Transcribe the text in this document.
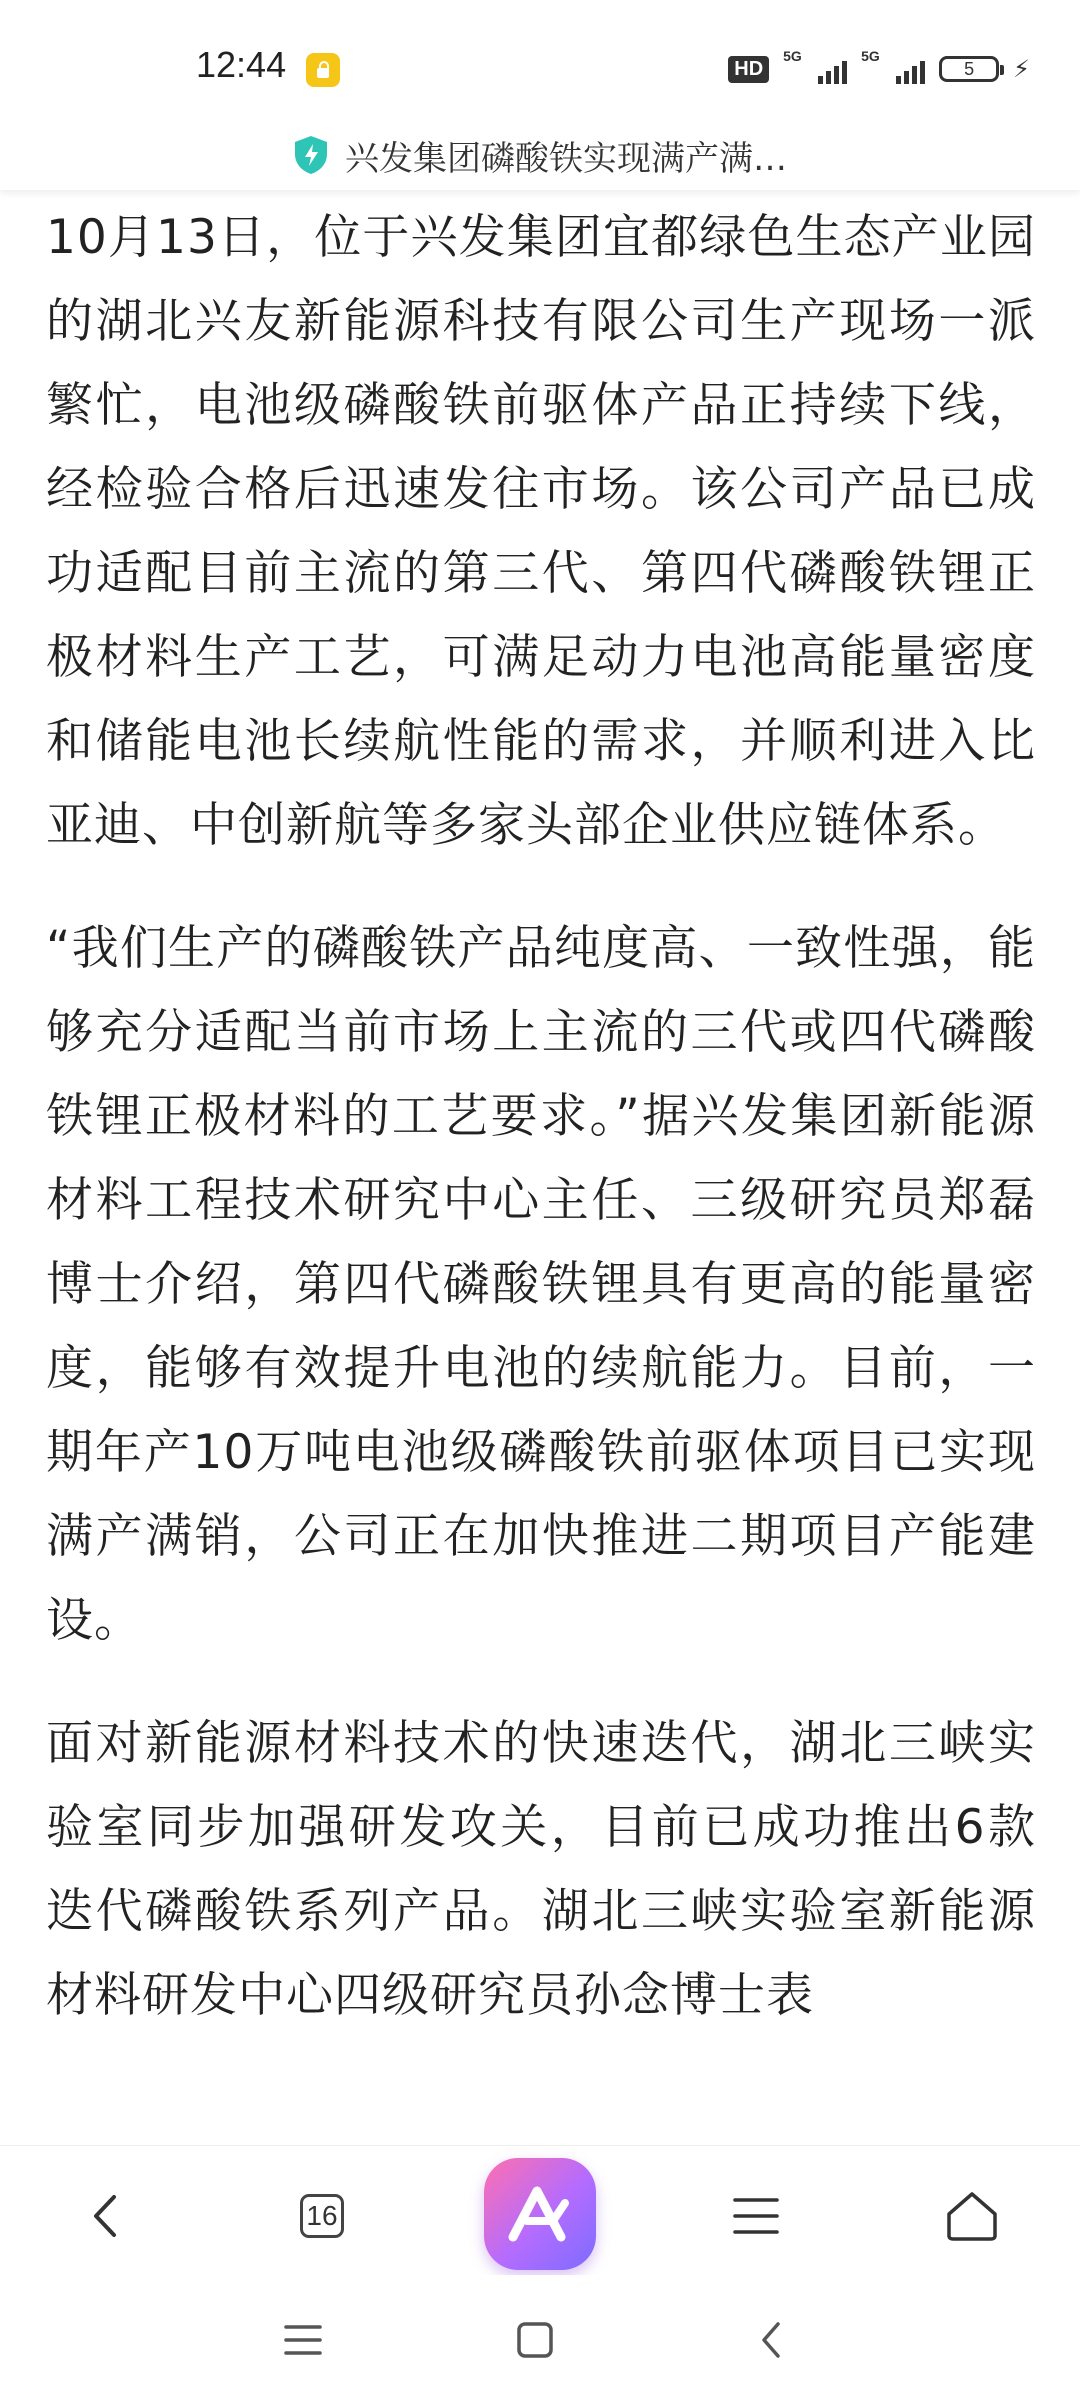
12:44	HD
5G	5G
5	⚡
兴发集团磷酸铁实现满产满…

10月13日，位于兴发集团宜都绿色生态产业园的湖北兴友新能源科技有限公司生产现场一派繁忙，电池级磷酸铁前驱体产品正持续下线，经检验合格后迅速发往市场。该公司产品已成功适配目前主流的第三代、第四代磷酸铁锂正极材料生产工艺，可满足动力电池高能量密度和储能电池长续航性能的需求，并顺利进入比亚迪、中创新航等多家头部企业供应链体系。

“我们生产的磷酸铁产品纯度高、一致性强，能够充分适配当前市场上主流的三代或四代磷酸铁锂正极材料的工艺要求。”据兴发集团新能源材料工程技术研究中心主任、三级研究员郑磊博士介绍，第四代磷酸铁锂具有更高的能量密度，能够有效提升电池的续航能力。目前，一期年产10万吨电池级磷酸铁前驱体项目已实现满产满销，公司正在加快推进二期项目产能建设。

面对新能源材料技术的快速迭代，湖北三峡实验室同步加强研发攻关，目前已成功推出6款迭代磷酸铁系列产品。湖北三峡实验室新能源材料研发中心四级研究员孙念博士表

16
